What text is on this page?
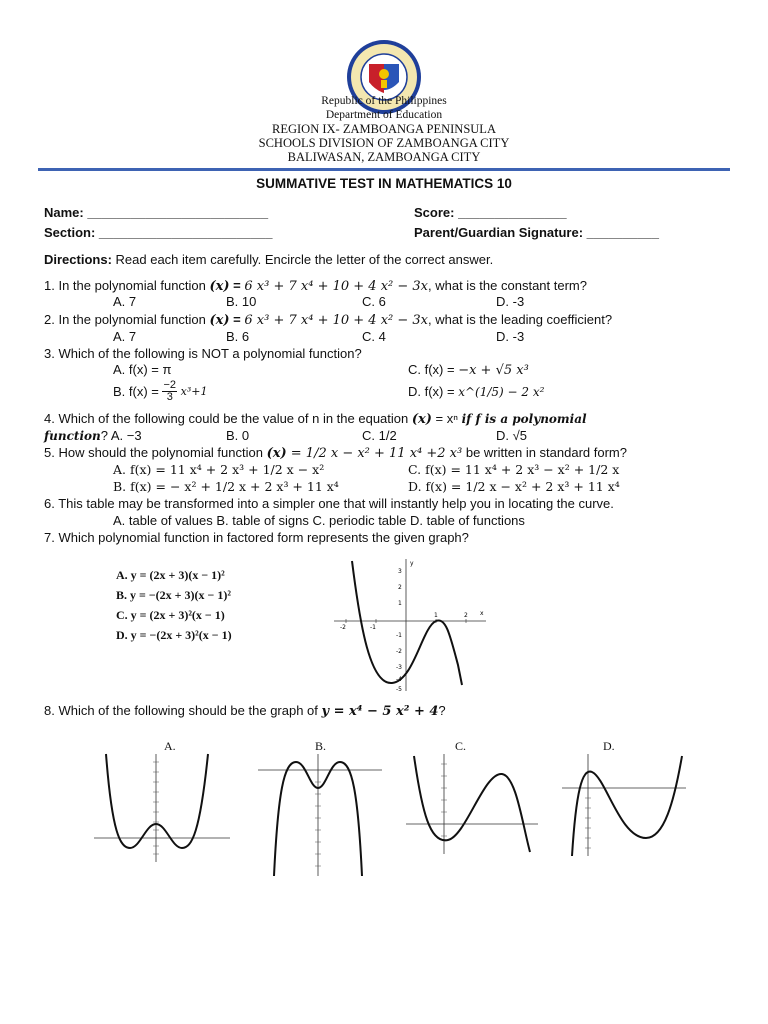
Republic of the Philippines
Department of Education
REGION IX- ZAMBOANGA PENINSULA
SCHOOLS DIVISION OF ZAMBOANGA CITY
BALIWASAN, ZAMBOANGA CITY
SUMMATIVE TEST IN MATHEMATICS 10
Name: _________________________	Score: _______________
Section: ________________________	Parent/Guardian Signature: __________
Directions: Read each item carefully. Encircle the letter of the correct answer.
1. In the polynomial function (x) = 6 x³ + 7 x⁴ + 10 + 4 x² − 3x, what is the constant term?
A. 7	B. 10	C. 6	D. -3
2. In the polynomial function (x) = 6 x³ + 7 x⁴ + 10 + 4 x² − 3x, what is the leading coefficient?
A. 7	B. 6	C. 4	D. -3
3. Which of the following is NOT a polynomial function?
A. f(x) = π	C. f(x) = −x + √5 x³
B. $f(x) = \frac{-2}{3} x^3+1$	D. f(x) = x^(1/5) − 2 x²
4. Which of the following could be the value of n in the equation (x) = xⁿ if f is a polynomial
function? A. −3	B. 0	C. 1/2	D. √5
5. How should the polynomial function (x) = 1/2 x − x² + 11 x⁴ +2 x³ be written in standard form?
A. f(x) = 11 x⁴ + 2 x³ + 1/2 x − x²	C. f(x) = 11 x⁴ + 2 x³ − x² + 1/2 x
B. f(x) = − x² + 1/2 x + 2 x³ + 11 x⁴	D. f(x) = 1/2 x − x² + 2 x³ + 11 x⁴
6. This table may be transformed into a simpler one that will instantly help you in locating the curve.
A. table of values B. table of signs C. periodic table D. table of functions
7. Which polynomial function in factored form represents the given graph?
A. y = (2x + 3)(x − 1)²
B. y = −(2x + 3)(x − 1)²
C. y = (2x + 3)²(x − 1)
D. y = −(2x + 3)²(x − 1)
-2	-1
1	2 x
y
3
2
1
-1
-2
-3
-4
-5
8. Which of the following should be the graph of y = x⁴ − 5 x² + 4?
A.	B.	C.	D.
